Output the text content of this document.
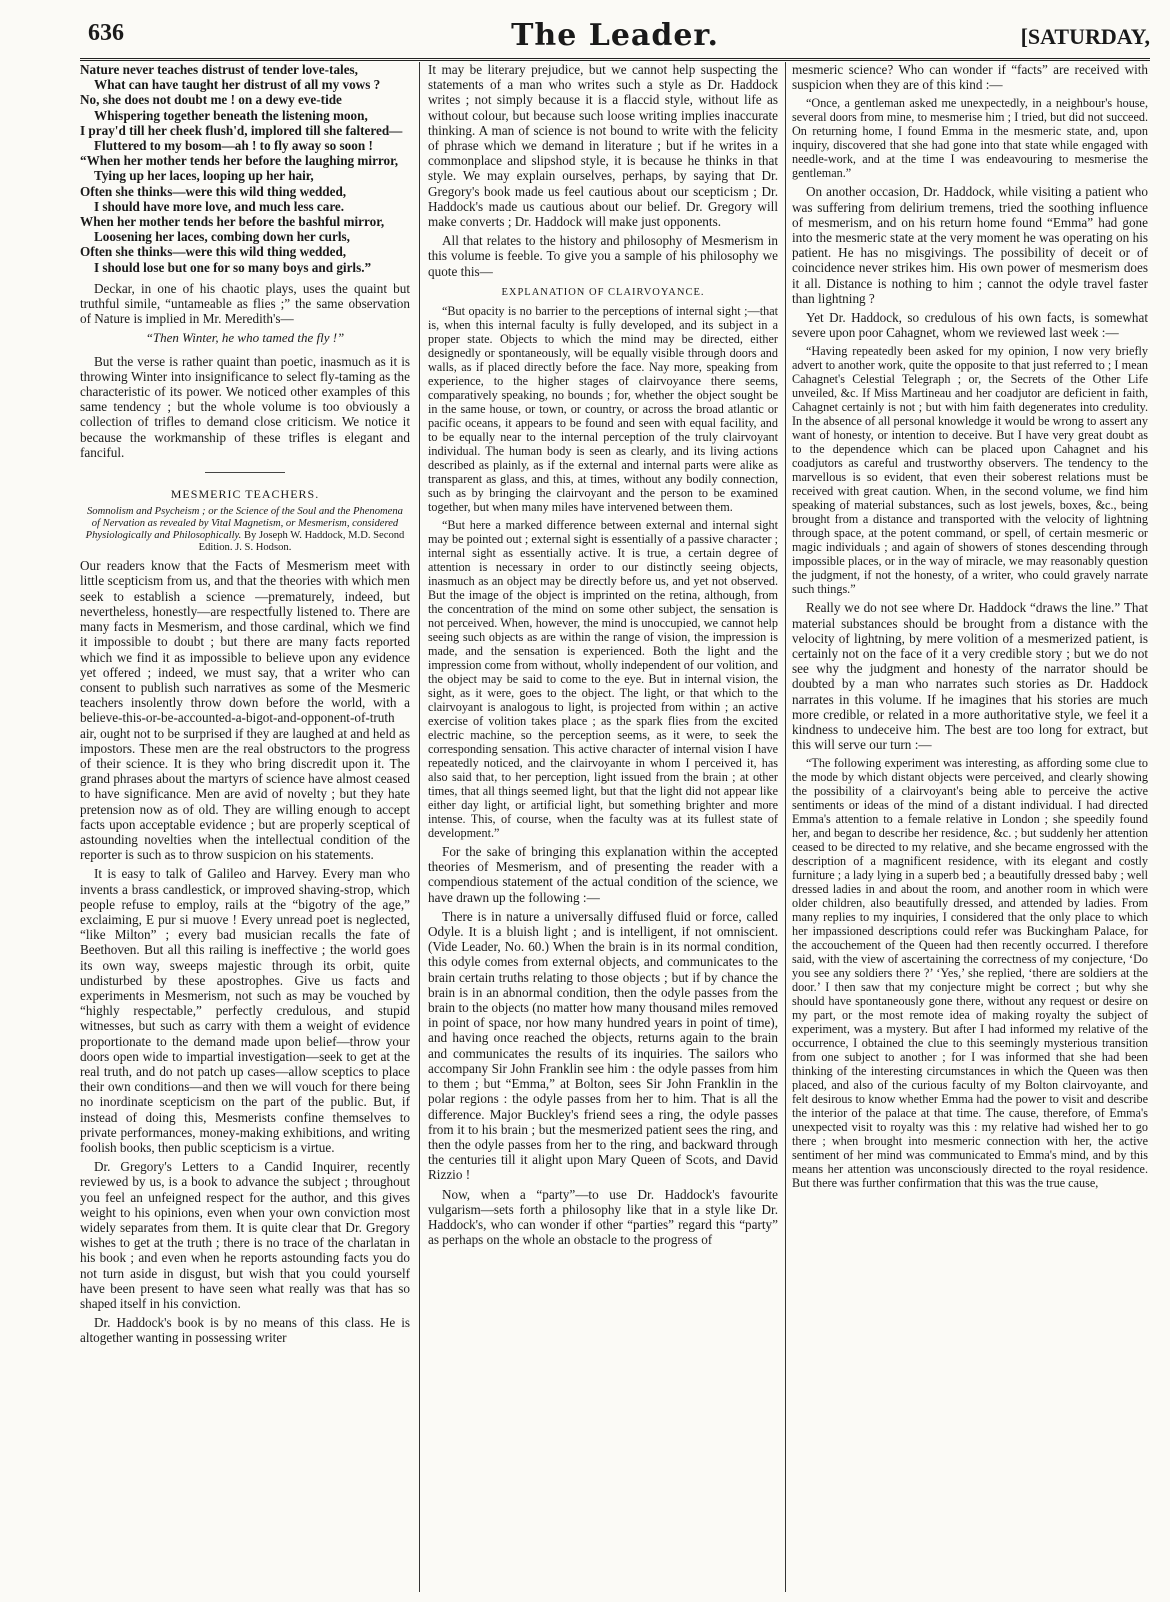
636	The Leader.	[SATURDAY,
Nature never teaches distrust of tender love-tales,
What can have taught her distrust of all my vows ?
No, she does not doubt me ! on a dewy eve-tide
Whispering together beneath the listening moon,
I pray'd till her cheek flush'd, implored till she faltered—
Fluttered to my bosom—ah ! to fly away so soon !
“When her mother tends her before the laughing mirror,
Tying up her laces, looping up her hair,
Often she thinks—were this wild thing wedded,
I should have more love, and much less care.
When her mother tends her before the bashful mirror,
Loosening her laces, combing down her curls,
Often she thinks—were this wild thing wedded,
I should lose but one for so many boys and girls.”

Deckar, in one of his chaotic plays, uses the quaint but truthful simile, “untameable as flies ;” the same observation of Nature is implied in Mr. Meredith's—

“Then Winter, he who tamed the fly !”

But the verse is rather quaint than poetic, inasmuch as it is throwing Winter into insignificance to select fly-taming as the characteristic of its power. We noticed other examples of this same tendency ; but the whole volume is too obviously a collection of trifles to demand close criticism. We notice it because the workmanship of these trifles is elegant and fanciful.

MESMERIC TEACHERS.
Somnolism and Psycheism ; or the Science of the Soul and the Phenomena of Nervation as revealed by Vital Magnetism, or Mesmerism, considered Physiologically and Philosophically. By Joseph W. Haddock, M.D. Second Edition. J. S. Hodson.

Our readers know that the Facts of Mesmerism meet with little scepticism from us, and that the theories with which men seek to establish a science —prematurely, indeed, but nevertheless, honestly—are respectfully listened to. There are many facts in Mesmerism, and those cardinal, which we find it impossible to doubt ; but there are many facts reported which we find it as impossible to believe upon any evidence yet offered ; indeed, we must say, that a writer who can consent to publish such narratives as some of the Mesmeric teachers insolently throw down before the world, with a believe-this-or-be-accounted-a-bigot-and-opponent-of-truth air, ought not to be surprised if they are laughed at and held as impostors. These men are the real obstructors to the progress of their science. It is they who bring discredit upon it. The grand phrases about the martyrs of science have almost ceased to have significance. Men are avid of novelty ; but they hate pretension now as of old. They are willing enough to accept facts upon acceptable evidence ; but are properly sceptical of astounding novelties when the intellectual condition of the reporter is such as to throw suspicion on his statements.

It is easy to talk of Galileo and Harvey. Every man who invents a brass candlestick, or improved shaving-strop, which people refuse to employ, rails at the “bigotry of the age,” exclaiming, E pur si muove ! Every unread poet is neglected, “like Milton” ; every bad musician recalls the fate of Beethoven. But all this railing is ineffective ; the world goes its own way, sweeps majestic through its orbit, quite undisturbed by these apostrophes. Give us facts and experiments in Mesmerism, not such as may be vouched by “highly respectable,” perfectly credulous, and stupid witnesses, but such as carry with them a weight of evidence proportionate to the demand made upon belief—throw your doors open wide to impartial investigation—seek to get at the real truth, and do not patch up cases—allow sceptics to place their own conditions—and then we will vouch for there being no inordinate scepticism on the part of the public. But, if instead of doing this, Mesmerists confine themselves to private performances, money-making exhibitions, and writing foolish books, then public scepticism is a virtue.

Dr. Gregory's Letters to a Candid Inquirer, recently reviewed by us, is a book to advance the subject ; throughout you feel an unfeigned respect for the author, and this gives weight to his opinions, even when your own conviction most widely separates from them. It is quite clear that Dr. Gregory wishes to get at the truth ; there is no trace of the charlatan in his book ; and even when he reports astounding facts you do not turn aside in disgust, but wish that you could yourself have been present to have seen what really was that has so shaped itself in his conviction.

Dr. Haddock's book is by no means of this class. He is altogether wanting in possessing writer

It may be literary prejudice, but we cannot help suspecting the statements of a man who writes such a style as Dr. Haddock writes ; not simply because it is a flaccid style, without life as without colour, but because such loose writing implies inaccurate thinking. A man of science is not bound to write with the felicity of phrase which we demand in literature ; but if he writes in a commonplace and slipshod style, it is because he thinks in that style. We may explain ourselves, perhaps, by saying that Dr. Gregory's book made us feel cautious about our scepticism ; Dr. Haddock's made us cautious about our belief. Dr. Gregory will make converts ; Dr. Haddock will make just opponents.

All that relates to the history and philosophy of Mesmerism in this volume is feeble. To give you a sample of his philosophy we quote this—

EXPLANATION OF CLAIRVOYANCE.

“But opacity is no barrier to the perceptions of internal sight ;—that is, when this internal faculty is fully developed, and its subject in a proper state. Objects to which the mind may be directed, either designedly or spontaneously, will be equally visible through doors and walls, as if placed directly before the face. Nay more, speaking from experience, to the higher stages of clairvoyance there seems, comparatively speaking, no bounds ; for, whether the object sought be in the same house, or town, or country, or across the broad atlantic or pacific oceans, it appears to be found and seen with equal facility, and to be equally near to the internal perception of the truly clairvoyant individual. The human body is seen as clearly, and its living actions described as plainly, as if the external and internal parts were alike as transparent as glass, and this, at times, without any bodily connection, such as by bringing the clairvoyant and the person to be examined together, but when many miles have intervened between them.

“But here a marked difference between external and internal sight may be pointed out ; external sight is essentially of a passive character ; internal sight as essentially active. It is true, a certain degree of attention is necessary in order to our distinctly seeing objects, inasmuch as an object may be directly before us, and yet not observed. But the image of the object is imprinted on the retina, although, from the concentration of the mind on some other subject, the sensation is not perceived. When, however, the mind is unoccupied, we cannot help seeing such objects as are within the range of vision, the impression is made, and the sensation is experienced. Both the light and the impression come from without, wholly independent of our volition, and the object may be said to come to the eye. But in internal vision, the sight, as it were, goes to the object. The light, or that which to the clairvoyant is analogous to light, is projected from within ; an active exercise of volition takes place ; as the spark flies from the excited electric machine, so the perception seems, as it were, to seek the corresponding sensation. This active character of internal vision I have repeatedly noticed, and the clairvoyante in whom I perceived it, has also said that, to her perception, light issued from the brain ; at other times, that all things seemed light, but that the light did not appear like either day light, or artificial light, but something brighter and more intense. This, of course, when the faculty was at its fullest state of development.”

For the sake of bringing this explanation within the accepted theories of Mesmerism, and of presenting the reader with a compendious statement of the actual condition of the science, we have drawn up the following :—

There is in nature a universally diffused fluid or force, called Odyle. It is a bluish light ; and is intelligent, if not omniscient. (Vide Leader, No. 60.) When the brain is in its normal condition, this odyle comes from external objects, and communicates to the brain certain truths relating to those objects ; but if by chance the brain is in an abnormal condition, then the odyle passes from the brain to the objects (no matter how many thousand miles removed in point of space, nor how many hundred years in point of time), and having once reached the objects, returns again to the brain and communicates the results of its inquiries. The sailors who accompany Sir John Franklin see him : the odyle passes from him to them ; but “Emma,” at Bolton, sees Sir John Franklin in the polar regions : the odyle passes from her to him. That is all the difference. Major Buckley's friend sees a ring, the odyle passes from it to his brain ; but the mesmerized patient sees the ring, and then the odyle passes from her to the ring, and backward through the centuries till it alight upon Mary Queen of Scots, and David Rizzio !

Now, when a “party”—to use Dr. Haddock's favourite vulgarism—sets forth a philosophy like that in a style like Dr. Haddock's, who can wonder if other “parties” regard this “party” as perhaps on the whole an obstacle to the progress of

mesmeric science? Who can wonder if “facts” are received with suspicion when they are of this kind :—

“Once, a gentleman asked me unexpectedly, in a neighbour's house, several doors from mine, to mesmerise him ; I tried, but did not succeed. On returning home, I found Emma in the mesmeric state, and, upon inquiry, discovered that she had gone into that state while engaged with needle-work, and at the time I was endeavouring to mesmerise the gentleman.”

On another occasion, Dr. Haddock, while visiting a patient who was suffering from delirium tremens, tried the soothing influence of mesmerism, and on his return home found “Emma” had gone into the mesmeric state at the very moment he was operating on his patient. He has no misgivings. The possibility of deceit or of coincidence never strikes him. His own power of mesmerism does it all. Distance is nothing to him ; cannot the odyle travel faster than lightning ?

Yet Dr. Haddock, so credulous of his own facts, is somewhat severe upon poor Cahagnet, whom we reviewed last week :—

“Having repeatedly been asked for my opinion, I now very briefly advert to another work, quite the opposite to that just referred to ; I mean Cahagnet's Celestial Telegraph ; or, the Secrets of the Other Life unveiled, &c. If Miss Martineau and her coadjutor are deficient in faith, Cahagnet certainly is not ; but with him faith degenerates into credulity. In the absence of all personal knowledge it would be wrong to assert any want of honesty, or intention to deceive. But I have very great doubt as to the dependence which can be placed upon Cahagnet and his coadjutors as careful and trustworthy observers. The tendency to the marvellous is so evident, that even their soberest relations must be received with great caution. When, in the second volume, we find him speaking of material substances, such as lost jewels, boxes, &c., being brought from a distance and transported with the velocity of lightning through space, at the potent command, or spell, of certain mesmeric or magic individuals ; and again of showers of stones descending through impossible places, or in the way of miracle, we may reasonably question the judgment, if not the honesty, of a writer, who could gravely narrate such things.”

Really we do not see where Dr. Haddock “draws the line.” That material substances should be brought from a distance with the velocity of lightning, by mere volition of a mesmerized patient, is certainly not on the face of it a very credible story ; but we do not see why the judgment and honesty of the narrator should be doubted by a man who narrates such stories as Dr. Haddock narrates in this volume. If he imagines that his stories are much more credible, or related in a more authoritative style, we feel it a kindness to undeceive him. The best are too long for extract, but this will serve our turn :—

“The following experiment was interesting, as affording some clue to the mode by which distant objects were perceived, and clearly showing the possibility of a clairvoyant's being able to perceive the active sentiments or ideas of the mind of a distant individual. I had directed Emma's attention to a female relative in London ; she speedily found her, and began to describe her residence, &c. ; but suddenly her attention ceased to be directed to my relative, and she became engrossed with the description of a magnificent residence, with its elegant and costly furniture ; a lady lying in a superb bed ; a beautifully dressed baby ; well dressed ladies in and about the room, and another room in which were older children, also beautifully dressed, and attended by ladies. From many replies to my inquiries, I considered that the only place to which her impassioned descriptions could refer was Buckingham Palace, for the accouchement of the Queen had then recently occurred. I therefore said, with the view of ascertaining the correctness of my conjecture, ‘Do you see any soldiers there ?’ ‘Yes,’ she replied, ‘there are soldiers at the door.’ I then saw that my conjecture might be correct ; but why she should have spontaneously gone there, without any request or desire on my part, or the most remote idea of making royalty the subject of experiment, was a mystery. But after I had informed my relative of the occurrence, I obtained the clue to this seemingly mysterious transition from one subject to another ; for I was informed that she had been thinking of the interesting circumstances in which the Queen was then placed, and also of the curious faculty of my Bolton clairvoyante, and felt desirous to know whether Emma had the power to visit and describe the interior of the palace at that time. The cause, therefore, of Emma's unexpected visit to royalty was this : my relative had wished her to go there ; when brought into mesmeric connection with her, the active sentiment of her mind was communicated to Emma's mind, and by this means her attention was unconsciously directed to the royal residence. But there was further confirmation that this was the true cause,
